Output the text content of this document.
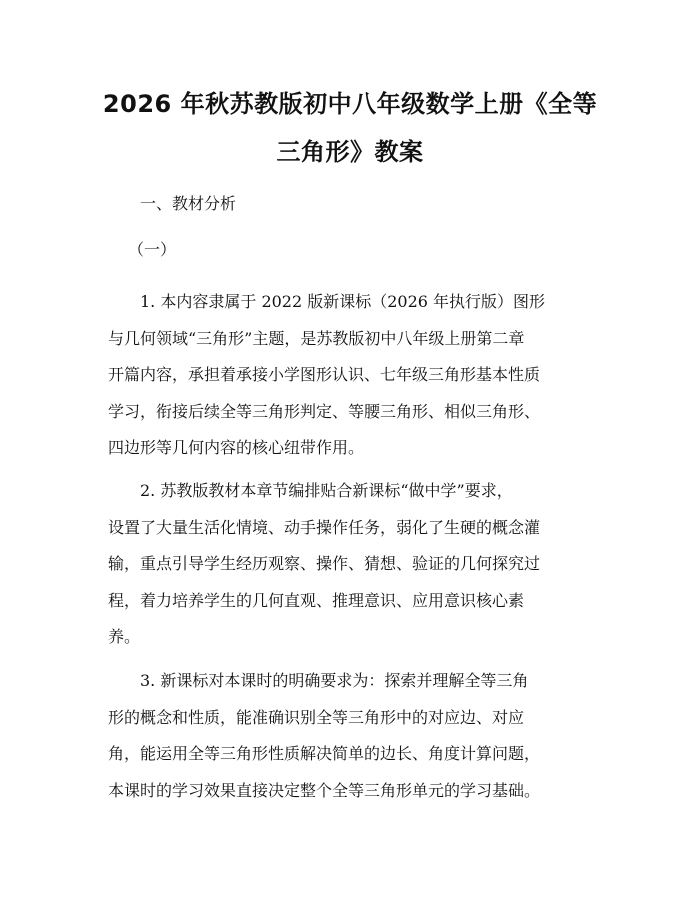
2026 年秋苏教版初中八年级数学上册《全等
三角形》教案
一、教材分析
（一）
1. 本内容隶属于 2022 版新课标（2026 年执行版）图形
与几何领域“三角形”主题，是苏教版初中八年级上册第二章
开篇内容，承担着承接小学图形认识、七年级三角形基本性质
学习，衔接后续全等三角形判定、等腰三角形、相似三角形、
四边形等几何内容的核心纽带作用。
2. 苏教版教材本章节编排贴合新课标“做中学”要求，
设置了大量生活化情境、动手操作任务，弱化了生硬的概念灌
输，重点引导学生经历观察、操作、猜想、验证的几何探究过
程，着力培养学生的几何直观、推理意识、应用意识核心素
养。
3. 新课标对本课时的明确要求为：探索并理解全等三角
形的概念和性质，能准确识别全等三角形中的对应边、对应
角，能运用全等三角形性质解决简单的边长、角度计算问题，
本课时的学习效果直接决定整个全等三角形单元的学习基础。
